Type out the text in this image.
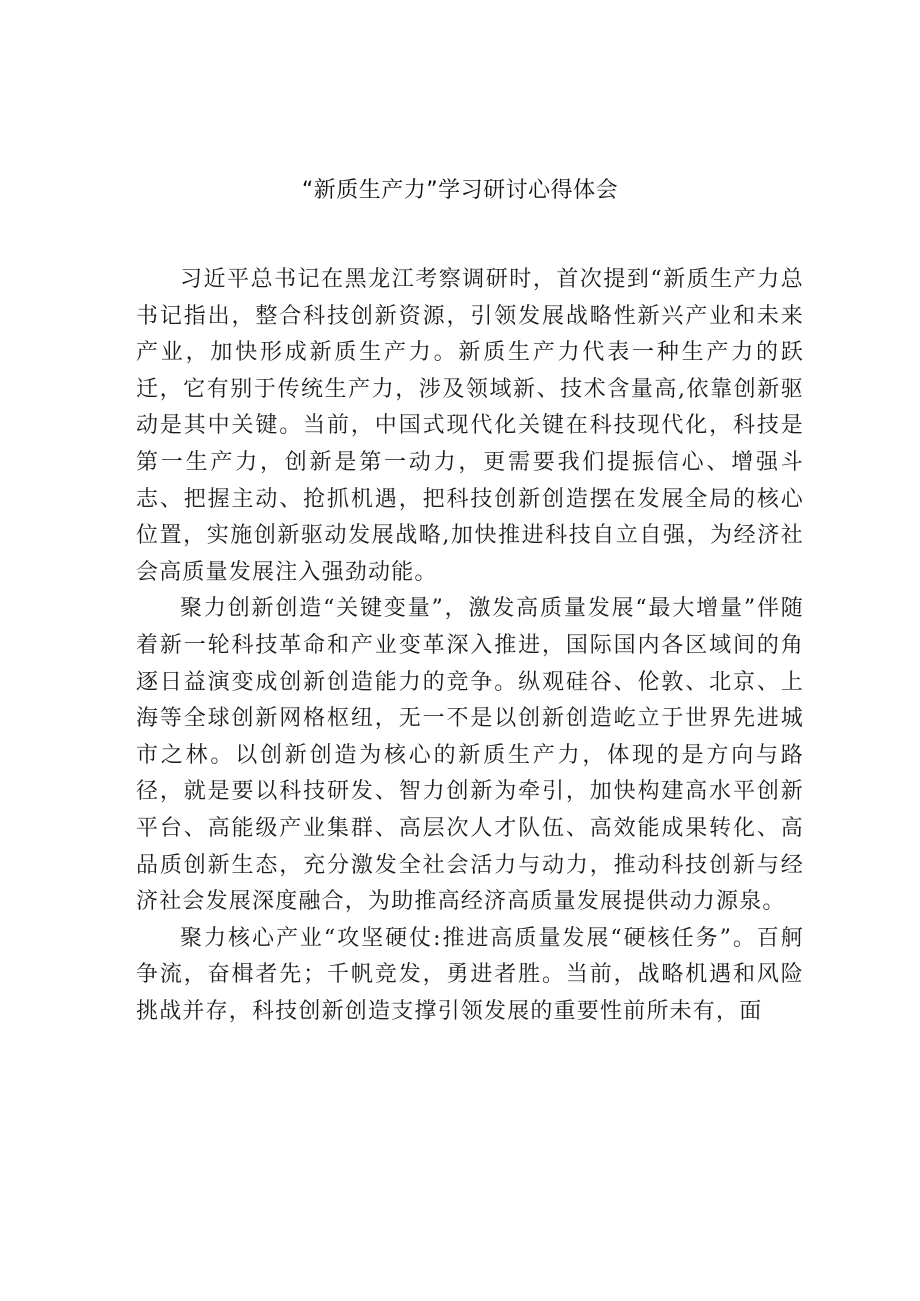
“新质生产力”学习研讨心得体会

习近平总书记在黑龙江考察调研时，首次提到“新质生产力总书记指出，整合科技创新资源，引领发展战略性新兴产业和未来产业，加快形成新质生产力。新质生产力代表一种生产力的跃迁，它有别于传统生产力，涉及领域新、技术含量高,依靠创新驱动是其中关键。当前，中国式现代化关键在科技现代化，科技是第一生产力，创新是第一动力，更需要我们提振信心、增强斗志、把握主动、抢抓机遇，把科技创新创造摆在发展全局的核心位置，实施创新驱动发展战略,加快推进科技自立自强，为经济社会高质量发展注入强劲动能。

聚力创新创造“关键变量”，激发高质量发展“最大增量”伴随着新一轮科技革命和产业变革深入推进，国际国内各区域间的角逐日益演变成创新创造能力的竞争。纵观硅谷、伦敦、北京、上海等全球创新网格枢纽，无一不是以创新创造屹立于世界先进城市之林。以创新创造为核心的新质生产力，体现的是方向与路径，就是要以科技研发、智力创新为牵引，加快构建高水平创新平台、高能级产业集群、高层次人才队伍、高效能成果转化、高品质创新生态，充分激发全社会活力与动力，推动科技创新与经济社会发展深度融合，为助推高经济高质量发展提供动力源泉。

聚力核心产业“攻坚硬仗:推进高质量发展“硬核任务”。百舸争流，奋楫者先；千帆竞发，勇进者胜。当前，战略机遇和风险挑战并存，科技创新创造支撑引领发展的重要性前所未有，面
